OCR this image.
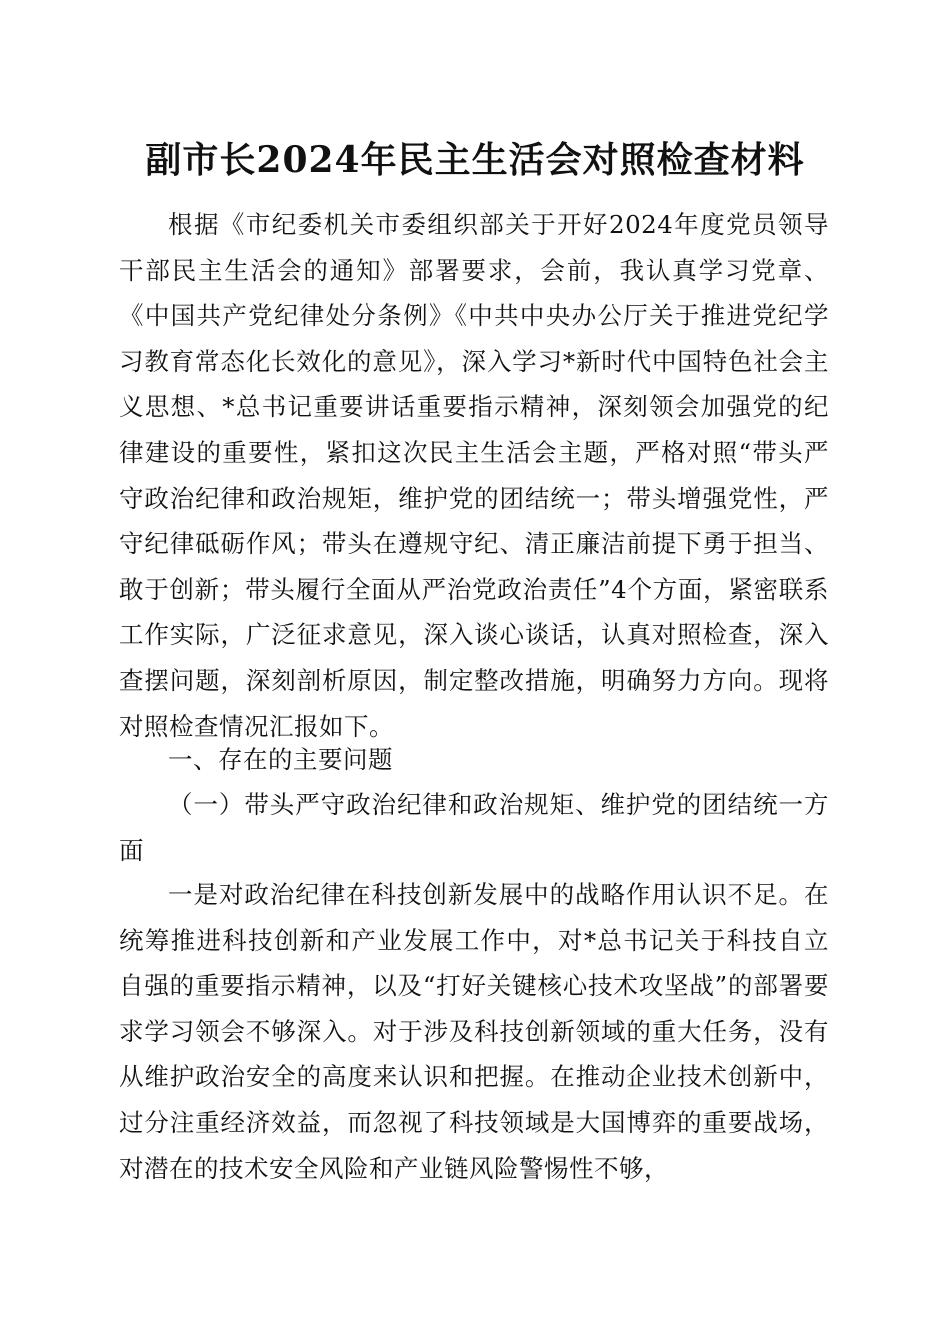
副市长2024年民主生活会对照检查材料

根据《市纪委机关市委组织部关于开好2024年度党员领导干部民主生活会的通知》部署要求，会前，我认真学习党章、《中国共产党纪律处分条例》《中共中央办公厅关于推进党纪学习教育常态化长效化的意见》，深入学习*新时代中国特色社会主义思想、*总书记重要讲话重要指示精神，深刻领会加强党的纪律建设的重要性，紧扣这次民主生活会主题，严格对照“带头严守政治纪律和政治规矩，维护党的团结统一；带头增强党性，严守纪律砥砺作风；带头在遵规守纪、清正廉洁前提下勇于担当、敢于创新；带头履行全面从严治党政治责任”4个方面，紧密联系工作实际，广泛征求意见，深入谈心谈话，认真对照检查，深入查摆问题，深刻剖析原因，制定整改措施，明确努力方向。现将对照检查情况汇报如下。

一、存在的主要问题

（一）带头严守政治纪律和政治规矩、维护党的团结统一方面

一是对政治纪律在科技创新发展中的战略作用认识不足。在统筹推进科技创新和产业发展工作中，对*总书记关于科技自立自强的重要指示精神，以及“打好关键核心技术攻坚战”的部署要求学习领会不够深入。对于涉及科技创新领域的重大任务，没有从维护政治安全的高度来认识和把握。在推动企业技术创新中，过分注重经济效益，而忽视了科技领域是大国博弈的重要战场，对潜在的技术安全风险和产业链风险警惕性不够，
